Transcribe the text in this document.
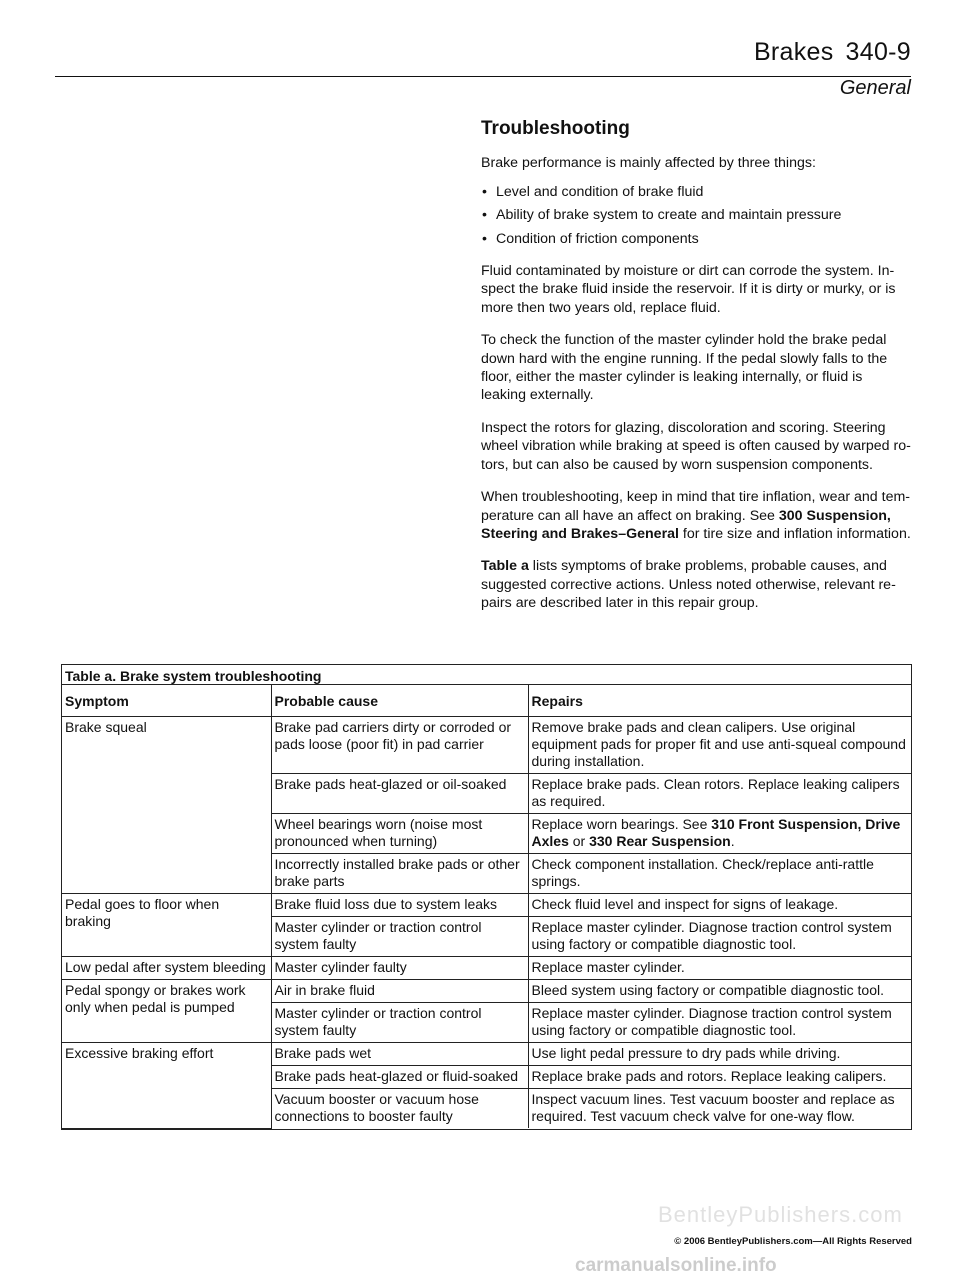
Brakes 340-9
General
Troubleshooting

Brake performance is mainly affected by three things:

• Level and condition of brake fluid
• Ability of brake system to create and maintain pressure
• Condition of friction components

Fluid contaminated by moisture or dirt can corrode the system. Inspect the brake fluid inside the reservoir. If it is dirty or murky, or is more then two years old, replace fluid.

To check the function of the master cylinder hold the brake pedal down hard with the engine running. If the pedal slowly falls to the floor, either the master cylinder is leaking internally, or fluid is leaking externally.

Inspect the rotors for glazing, discoloration and scoring. Steering wheel vibration while braking at speed is often caused by warped rotors, but can also be caused by worn suspension components.

When troubleshooting, keep in mind that tire inflation, wear and temperature can all have an affect on braking. See 300 Suspension, Steering and Brakes–General for tire size and inflation information.

Table a lists symptoms of brake problems, probable causes, and suggested corrective actions. Unless noted otherwise, relevant repairs are described later in this repair group.

Table a. Brake system troubleshooting
Symptom	Probable cause	Repairs
Brake squeal	Brake pad carriers dirty or corroded or pads loose (poor fit) in pad carrier	Remove brake pads and clean calipers. Use original equipment pads for proper fit and use anti-squeal compound during installation.
	Brake pads heat-glazed or oil-soaked	Replace brake pads. Clean rotors. Replace leaking calipers as required.
	Wheel bearings worn (noise most pronounced when turning)	Replace worn bearings. See 310 Front Suspension, Drive Axles or 330 Rear Suspension.
	Incorrectly installed brake pads or other brake parts	Check component installation. Check/replace anti-rattle springs.
Pedal goes to floor when braking	Brake fluid loss due to system leaks	Check fluid level and inspect for signs of leakage.
	Master cylinder or traction control system faulty	Replace master cylinder. Diagnose traction control system using factory or compatible diagnostic tool.
Low pedal after system bleeding	Master cylinder faulty	Replace master cylinder.
Pedal spongy or brakes work only when pedal is pumped	Air in brake fluid	Bleed system using factory or compatible diagnostic tool.
	Master cylinder or traction control system faulty	Replace master cylinder. Diagnose traction control system using factory or compatible diagnostic tool.
Excessive braking effort	Brake pads wet	Use light pedal pressure to dry pads while driving.
	Brake pads heat-glazed or fluid-soaked	Replace brake pads and rotors. Replace leaking calipers.
	Vacuum booster or vacuum hose connections to booster faulty	Inspect vacuum lines. Test vacuum booster and replace as required. Test vacuum check valve for one-way flow.
BentleyPublishers.com
© 2006 BentleyPublishers.com—All Rights Reserved
carmanualsonline.info
